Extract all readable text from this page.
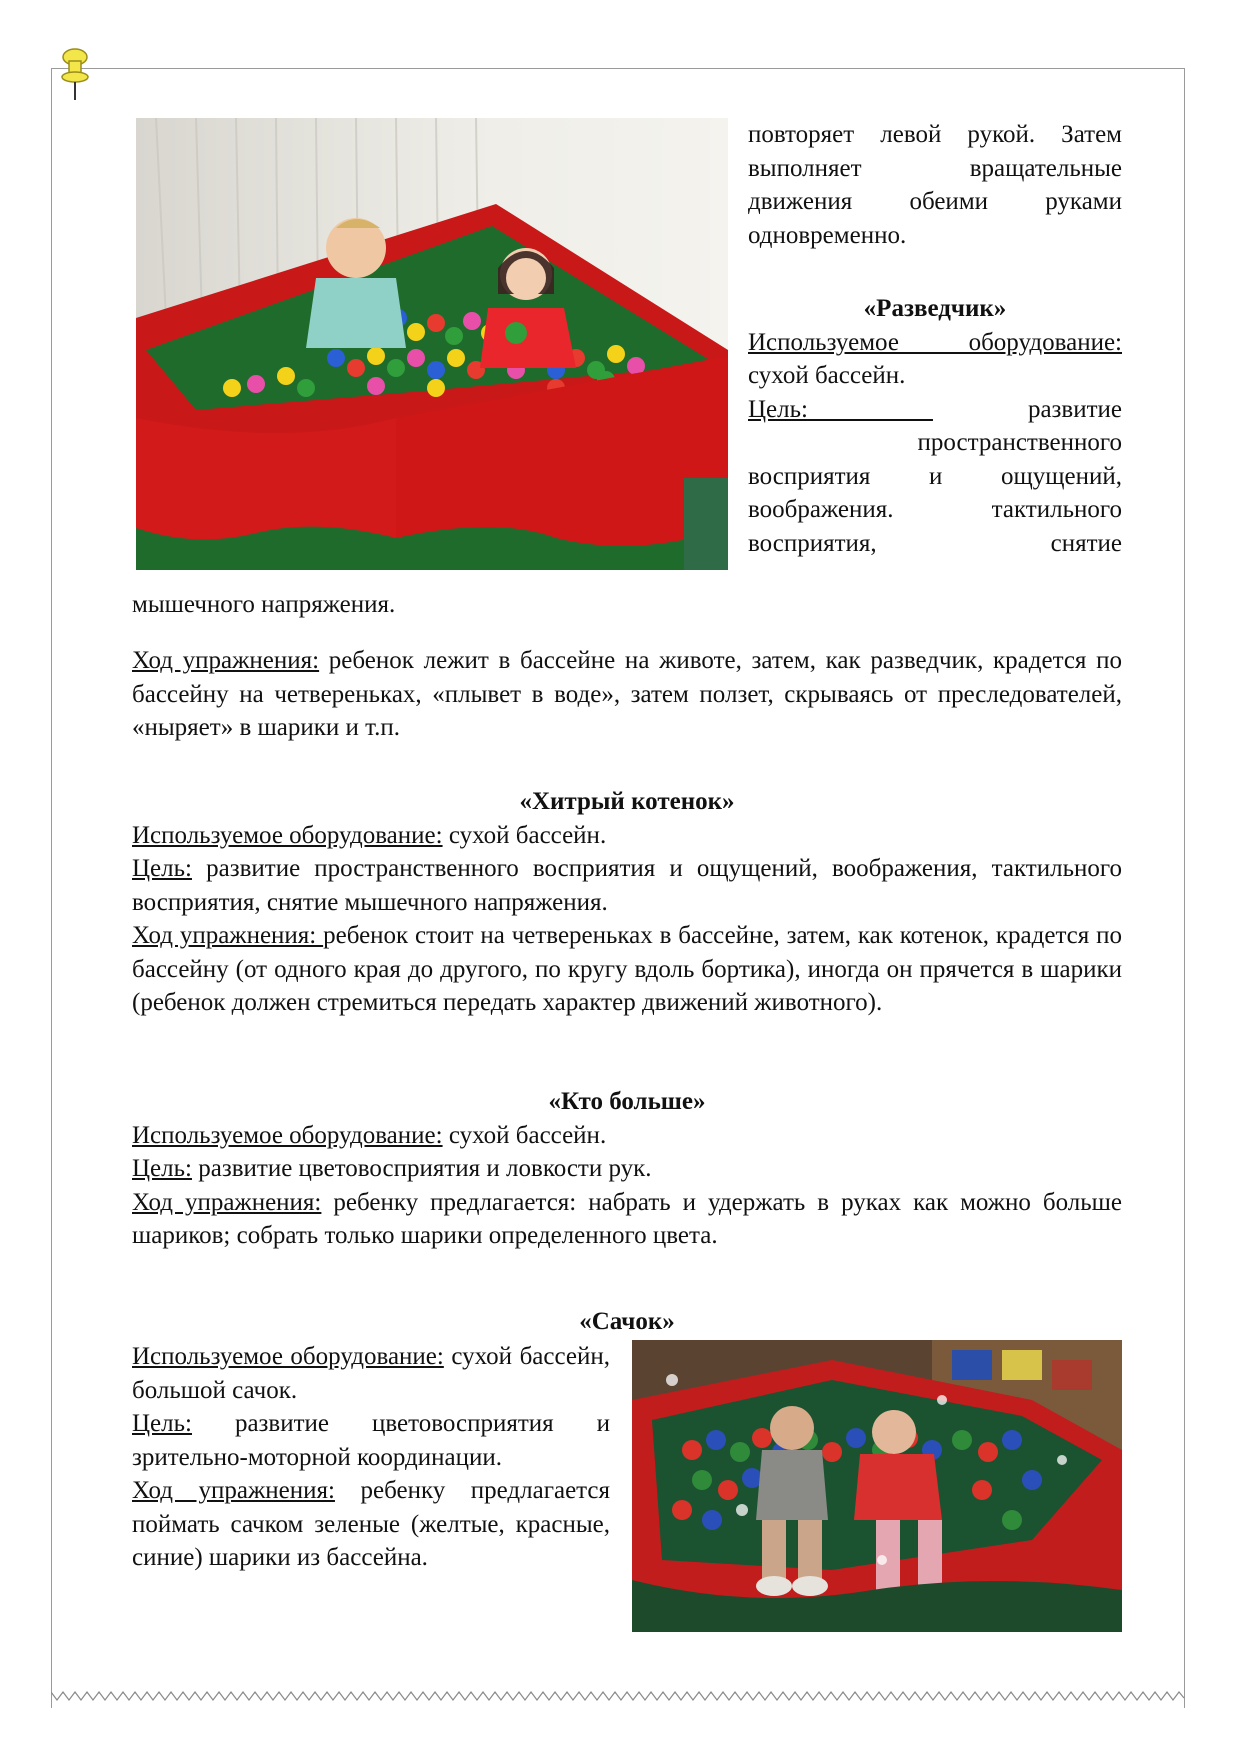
повторяет левой рукой. Затем

выполняет вращательные

движения обеими руками

одновременно.

«Разведчик»

Используемое оборудование:

сухой бассейн.

Цель:	развитие

пространственного

восприятия и ощущений,

воображения. тактильного

восприятия, снятие

мышечного напряжения.

Ход упражнения: ребенок лежит в бассейне на животе, затем, как разведчик, крадется по бассейну на четвереньках, «плывет в воде», затем ползет, скрываясь от преследователей, «ныряет» в шарики и т.п.

«Хитрый котенок»

Используемое оборудование: сухой бассейн.

Цель: развитие пространственного восприятия и ощущений, воображения, тактильного восприятия, снятие мышечного напряжения.

Ход упражнения: ребенок стоит на четвереньках в бассейне, затем, как котенок, крадется по бассейну (от одного края до другого, по кругу вдоль бортика), иногда он прячется в шарики (ребенок должен стремиться передать характер движений животного).

«Кто больше»

Используемое оборудование: сухой бассейн.

Цель: развитие цветовосприятия и ловкости рук.

Ход упражнения: ребенку предлагается: набрать и удержать в руках как можно больше шариков; собрать только шарики определенного цвета.

«Сачок»

Используемое оборудование: сухой бассейн, большой сачок.

Цель: развитие цветовосприятия и зрительно-моторной координации.

Ход упражнения: ребенку предлагается поймать сачком зеленые (желтые, красные, синие) шарики из бассейна.
